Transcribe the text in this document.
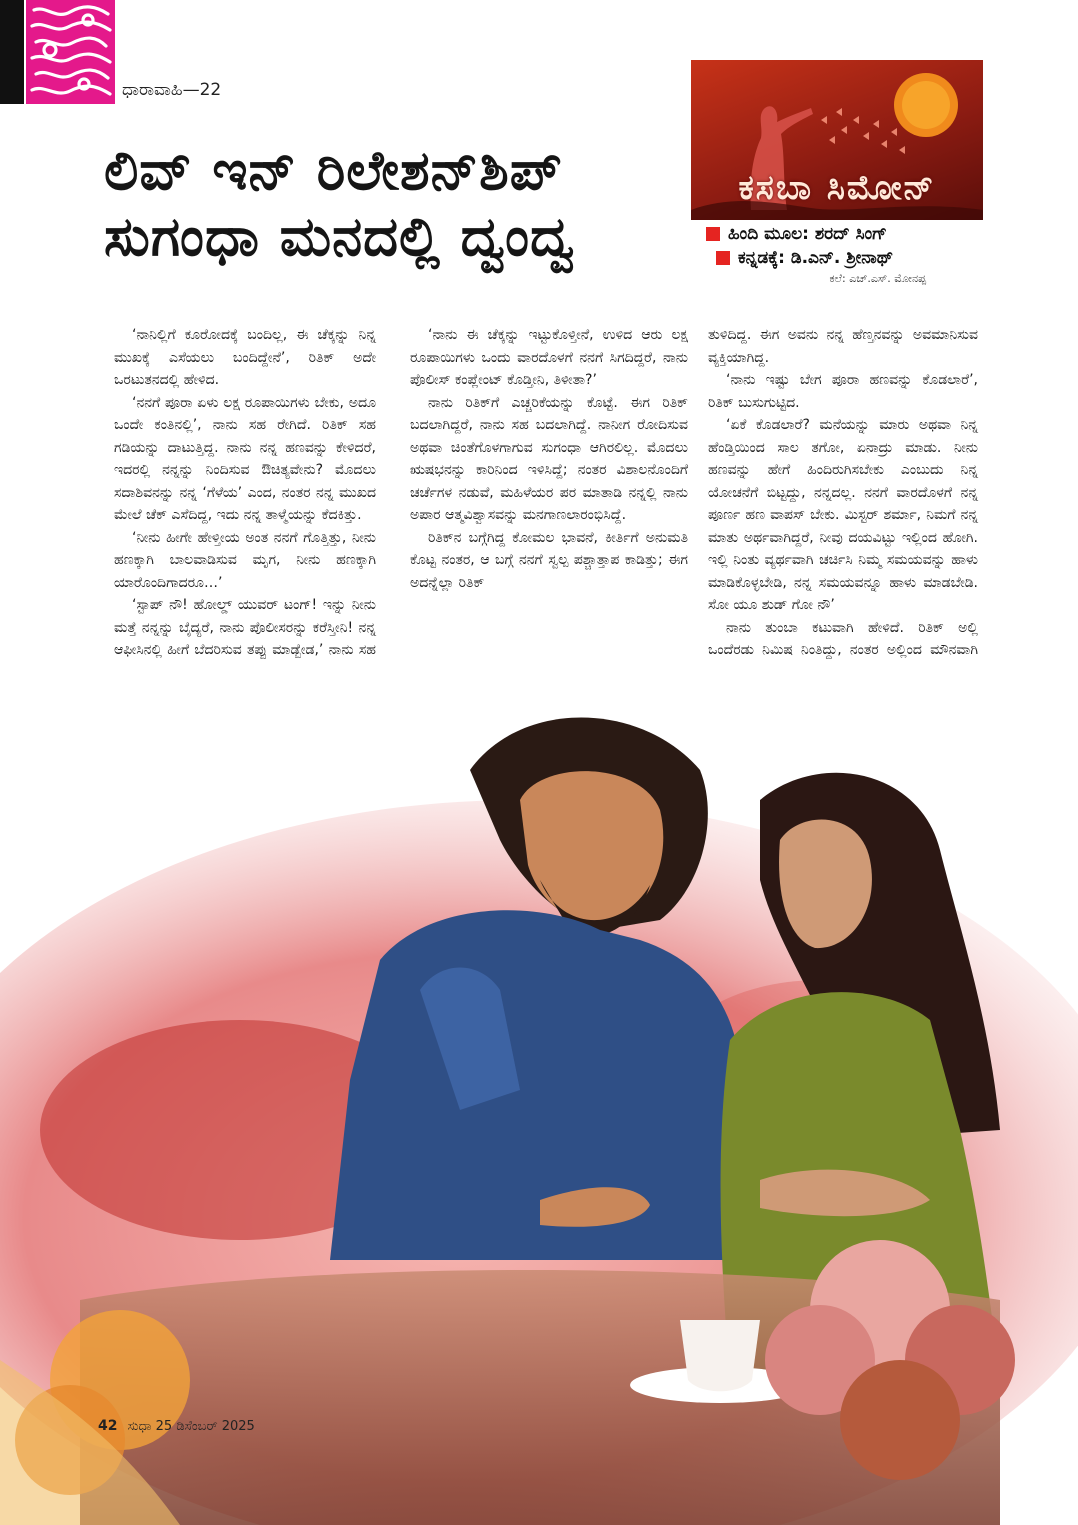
ಧಾರಾವಾಹಿ—22
ಲಿವ್ ಇನ್ ರಿಲೇಶನ್‌ಶಿಪ್
ಸುಗಂಧಾ ಮನದಲ್ಲಿ ದ್ವಂದ್ವ
ಕಸಬಾ ಸಿಮೋನ್
ಹಿಂದಿ ಮೂಲ: ಶರದ್ ಸಿಂಗ್
ಕನ್ನಡಕ್ಕೆ: ಡಿ.ಎನ್. ಶ್ರೀನಾಥ್
ಕಲೆ: ಎಚ್.ಎಸ್. ಮೋನಪ್ಪ

‘ನಾನಿಲ್ಲಿಗೆ ಕೂರೋದಕ್ಕೆ ಬಂದಿಲ್ಲ, ಈ ಚೆಕ್ಕನ್ನು ನಿನ್ನ ಮುಖಕ್ಕೆ ಎಸೆಯಲು ಬಂದಿದ್ದೇನೆ’, ರಿತಿಕ್ ಅದೇ ಒರಟುತನದಲ್ಲಿ ಹೇಳಿದ.

‘ನನಗೆ ಪೂರಾ ಏಳು ಲಕ್ಷ ರೂಪಾಯಿಗಳು ಬೇಕು, ಅದೂ ಒಂದೇ ಕಂತಿನಲ್ಲಿ’, ನಾನು ಸಹ ರೇಗಿದೆ. ರಿತಿಕ್ ಸಹ ಗಡಿಯನ್ನು ದಾಟುತ್ತಿದ್ದ. ನಾನು ನನ್ನ ಹಣವನ್ನು ಕೇಳಿದರೆ, ಇದರಲ್ಲಿ ನನ್ನನ್ನು ನಿಂದಿಸುವ ಔಚಿತ್ಯವೇನು? ಮೊದಲು ಸದಾಶಿವನನ್ನು ನನ್ನ ‘ಗೆಳೆಯ’ ಎಂದ, ನಂತರ ನನ್ನ ಮುಖದ ಮೇಲೆ ಚೆಕ್ ಎಸೆದಿದ್ದ, ಇದು ನನ್ನ ತಾಳ್ಮೆಯನ್ನು ಕೆದಕಿತ್ತು.

‘ನೀನು ಹೀಗೇ ಹೇಳ್ತೀಯ ಅಂತ ನನಗೆ ಗೊತ್ತಿತ್ತು, ನೀನು ಹಣಕ್ಕಾಗಿ ಬಾಲವಾಡಿಸುವ ಮೃಗ, ನೀನು ಹಣಕ್ಕಾಗಿ ಯಾರೊಂದಿಗಾದರೂ…’

‘ಸ್ಟಾಪ್ ನೌ! ಹೋಲ್ಡ್ ಯುವರ್ ಟಂಗ್! ಇನ್ನು ನೀನು ಮತ್ತೆ ನನ್ನನ್ನು ಬೈದ್ಯರೆ, ನಾನು ಪೊಲೀಸರನ್ನು ಕರೆಸ್ತೀನಿ! ನನ್ನ ಆಫೀಸಿನಲ್ಲಿ ಹೀಗೆ ಬೆದರಿಸುವ ತಪ್ಪು ಮಾಡ್ಬೇಡ,’ ನಾನು ಸಹ

‘ನಾನು ಈ ಚೆಕ್ಕನ್ನು ಇಟ್ಟುಕೊಳ್ತೀನೆ, ಉಳಿದ ಆರು ಲಕ್ಷ ರೂಪಾಯಿಗಳು ಒಂದು ವಾರದೊಳಗೆ ನನಗೆ ಸಿಗದಿದ್ದರೆ, ನಾನು ಪೊಲೀಸ್ ಕಂಪ್ಲೇಂಟ್ ಕೊಡ್ತೀನಿ, ತಿಳೀತಾ?’

ನಾನು ರಿತಿಕ್‌ಗೆ ಎಚ್ಚರಿಕೆಯನ್ನು ಕೊಟ್ಟೆ. ಈಗ ರಿತಿಕ್ ಬದಲಾಗಿದ್ದರೆ, ನಾನು ಸಹ ಬದಲಾಗಿದ್ದೆ. ನಾನೀಗ ರೋದಿಸುವ ಅಥವಾ ಚಿಂತೆಗೊಳಗಾಗುವ ಸುಗಂಧಾ ಆಗಿರಲಿಲ್ಲ. ಮೊದಲು ಋಷಭನನ್ನು ಕಾರಿನಿಂದ ಇಳಿಸಿದ್ದೆ; ನಂತರ ವಿಶಾಲನೊಂದಿಗೆ ಚರ್ಚೆಗಳ ನಡುವೆ, ಮಹಿಳೆಯರ ಪರ ಮಾತಾಡಿ ನನ್ನಲ್ಲಿ ನಾನು ಅಪಾರ ಆತ್ಮವಿಶ್ವಾಸವನ್ನು ಮನಗಾಣಲಾರಂಭಿಸಿದ್ದೆ.

ರಿತಿಕ್‌ನ ಬಗ್ಗೆಗಿದ್ದ ಕೋಮಲ ಭಾವನೆ, ಕೀರ್ತಿಗೆ ಅನುಮತಿ ಕೊಟ್ಟ ನಂತರ, ಆ ಬಗ್ಗೆ ನನಗೆ ಸ್ವಲ್ಪ ಪಶ್ಚಾತ್ತಾಪ ಕಾಡಿತ್ತು; ಈಗ ಅದನ್ನೆಲ್ಲಾ ರಿತಿಕ್

ತುಳಿದಿದ್ದ. ಈಗ ಅವನು ನನ್ನ ಹೆಣ್ತನವನ್ನು ಅವಮಾನಿಸುವ ವ್ಯಕ್ತಿಯಾಗಿದ್ದ.

‘ನಾನು ಇಷ್ಟು ಬೇಗ ಪೂರಾ ಹಣವನ್ನು ಕೊಡಲಾರೆ’, ರಿತಿಕ್ ಬುಸುಗುಟ್ಟಿದ.

‘ಏಕೆ ಕೊಡಲಾರೆ? ಮನೆಯನ್ನು ಮಾರು ಅಥವಾ ನಿನ್ನ ಹೆಂಡ್ತಿಯಿಂದ ಸಾಲ ತಗೋ, ಏನಾದ್ರು ಮಾಡು. ನೀನು ಹಣವನ್ನು ಹೇಗೆ ಹಿಂದಿರುಗಿಸಬೇಕು ಎಂಬುದು ನಿನ್ನ ಯೋಚನೆಗೆ ಬಿಟ್ಟದ್ದು, ನನ್ನದಲ್ಲ. ನನಗೆ ವಾರದೊಳಗೆ ನನ್ನ ಪೂರ್ಣ ಹಣ ವಾಪಸ್ ಬೇಕು. ಮಿಸ್ಟರ್ ಶರ್ಮಾ, ನಿಮಗೆ ನನ್ನ ಮಾತು ಅರ್ಥವಾಗಿದ್ದರೆ, ನೀವು ದಯವಿಟ್ಟು ಇಲ್ಲಿಂದ ಹೋಗಿ. ಇಲ್ಲಿ ನಿಂತು ವ್ಯರ್ಥವಾಗಿ ಚರ್ಚಿಸಿ ನಿಮ್ಮ ಸಮಯವನ್ನು ಹಾಳು ಮಾಡಿಕೊಳ್ಳಬೇಡಿ, ನನ್ನ ಸಮಯವನ್ನೂ ಹಾಳು ಮಾಡಬೇಡಿ. ಸೋ ಯೂ ಶುಡ್ ಗೋ ನೌ’

ನಾನು ತುಂಬಾ ಕಟುವಾಗಿ ಹೇಳಿದೆ. ರಿತಿಕ್ ಅಲ್ಲಿ ಒಂದೆರಡು ನಿಮಿಷ ನಿಂತಿದ್ದು, ನಂತರ ಅಲ್ಲಿಂದ ಮೌನವಾಗಿ

42 ಸುಧಾ 25 ಡಿಸೆಂಬರ್ 2025
